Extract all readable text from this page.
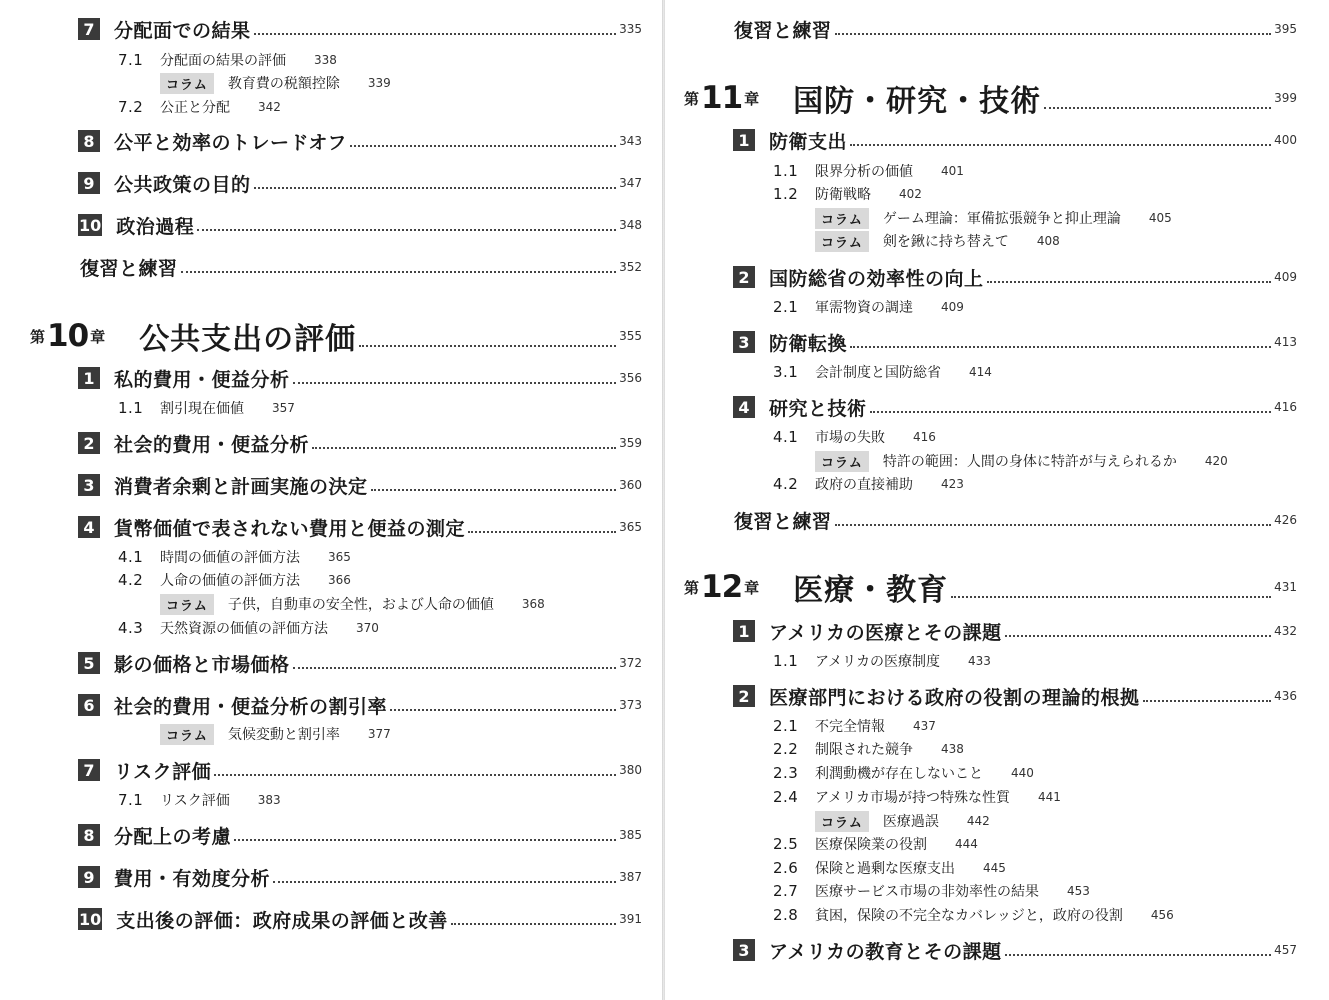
7 分配面での結果	335
7.1	分配面の結果の評価 338
コラム	教育費の税額控除 339
7.2	公正と分配 342
8 公平と効率のトレードオフ	343
9 公共政策の目的	347
10 政治過程	348
復習と練習	352
第 10 章 公共支出の評価	355
1 私的費用・便益分析	356
1.1	割引現在価値 357
2 社会的費用・便益分析	359
3 消費者余剰と計画実施の決定	360
4 貨幣価値で表されない費用と便益の測定	365
4.1	時間の価値の評価方法 365
4.2	人命の価値の評価方法 366
コラム	子供，自動車の安全性，および人命の価値 368
4.3	天然資源の価値の評価方法 370
5 影の価格と市場価格	372
6 社会的費用・便益分析の割引率	373
コラム	気候変動と割引率 377
7 リスク評価	380
7.1	リスク評価 383
8 分配上の考慮	385
9 費用・有効度分析	387
10 支出後の評価：政府成果の評価と改善	391
復習と練習	395
第 11 章 国防・研究・技術	399
1 防衛支出	400
1.1	限界分析の価値 401
1.2	防衛戦略 402
コラム	ゲーム理論：軍備拡張競争と抑止理論 405
コラム	剣を鍬に持ち替えて 408
2 国防総省の効率性の向上	409
2.1	軍需物資の調達 409
3 防衛転換	413
3.1	会計制度と国防総省 414
4 研究と技術	416
4.1	市場の失敗 416
コラム	特許の範囲：人間の身体に特許が与えられるか 420
4.2	政府の直接補助 423
復習と練習	426
第 12 章 医療・教育	431
1 アメリカの医療とその課題	432
1.1	アメリカの医療制度 433
2 医療部門における政府の役割の理論的根拠	436
2.1	不完全情報 437
2.2	制限された競争 438
2.3	利潤動機が存在しないこと 440
2.4	アメリカ市場が持つ特殊な性質 441
コラム	医療過誤 442
2.5	医療保険業の役割 444
2.6	保険と過剰な医療支出 445
2.7	医療サービス市場の非効率性の結果 453
2.8	貧困，保険の不完全なカバレッジと，政府の役割 456
3 アメリカの教育とその課題	457
